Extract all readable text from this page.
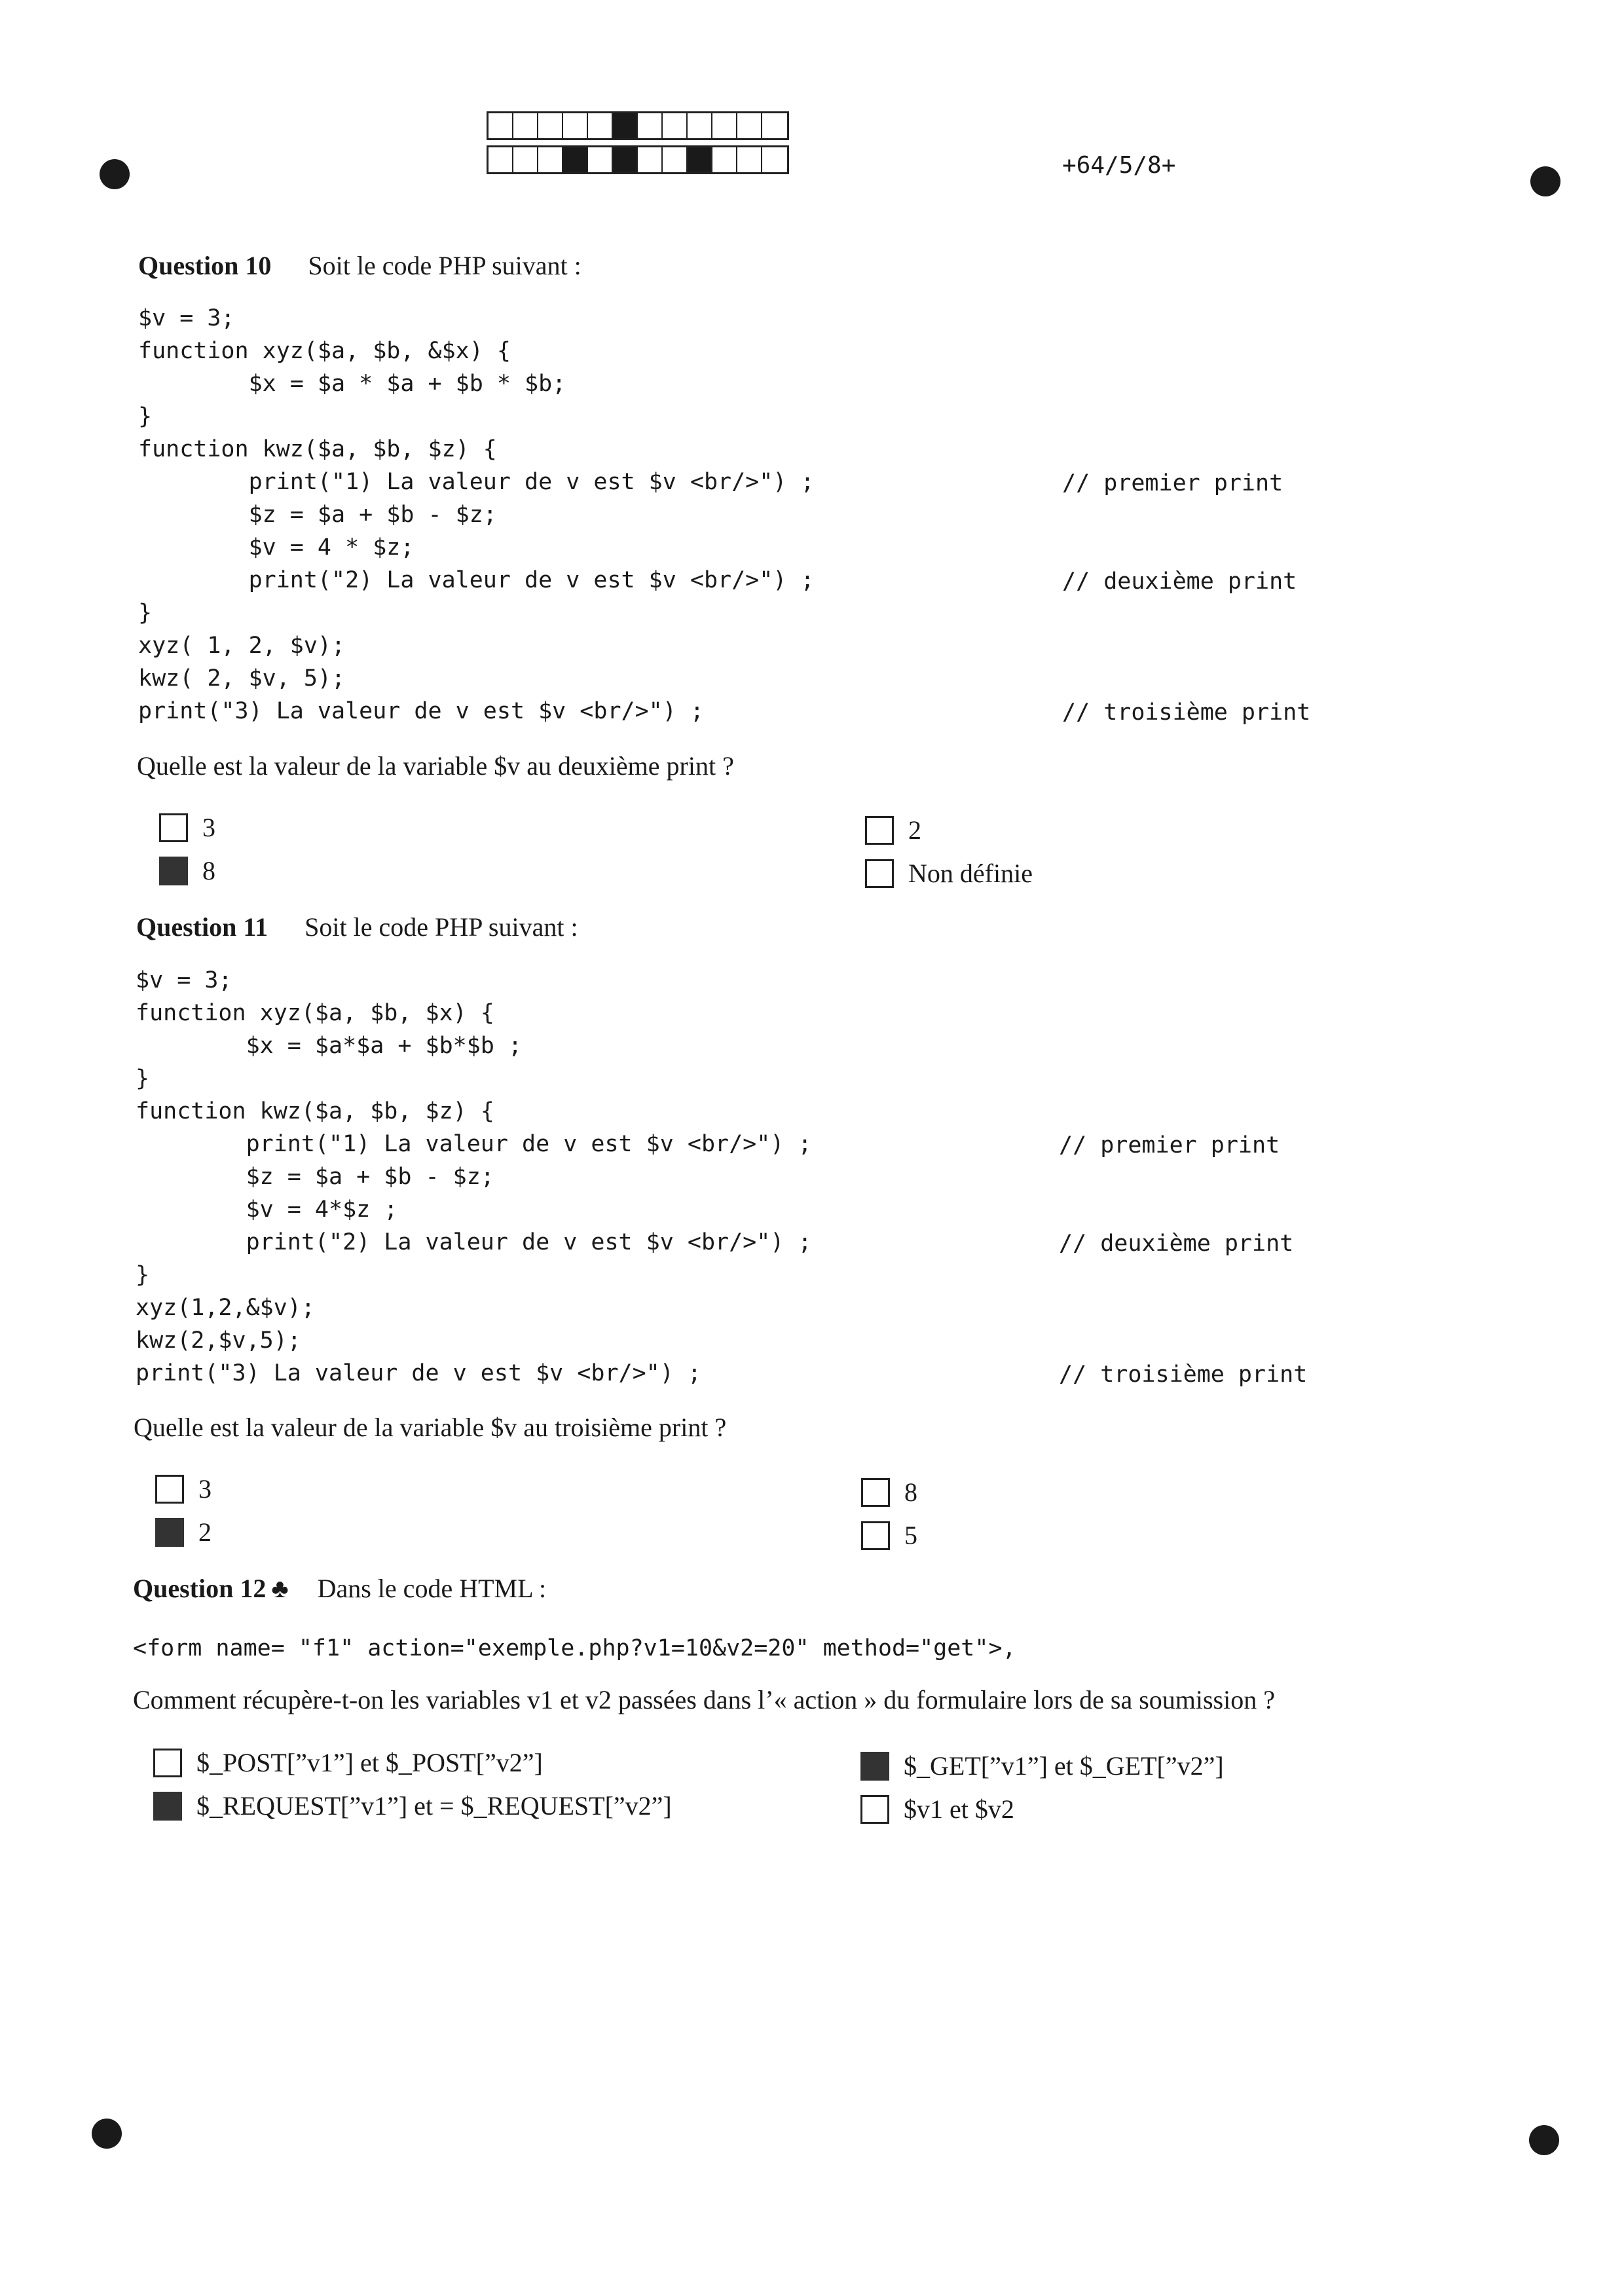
+64/5/8+
Question 10 Soit le code PHP suivant :
$v = 3;
function xyz($a, $b, &$x) {
$x = $a * $a + $b * $b;
}
function kwz($a, $b, $z) {
print("1) La valeur de v est $v <br/>") ;
$z = $a + $b - $z;
$v = 4 * $z;
print("2) La valeur de v est $v <br/>") ;
}
xyz( 1, 2, $v);
kwz( 2, $v, 5);
print("3) La valeur de v est $v <br/>") ;
// premier print
// deuxième print
// troisième print
Quelle est la valeur de la variable $v au deuxième print ?
3
8
2
Non définie
Question 11 Soit le code PHP suivant :
$v = 3;
function xyz($a, $b, $x) {
$x = $a*$a + $b*$b ;
}
function kwz($a, $b, $z) {
print("1) La valeur de v est $v <br/>") ;
$z = $a + $b - $z;
$v = 4*$z ;
print("2) La valeur de v est $v <br/>") ;
}
xyz(1,2,&$v);
kwz(2,$v,5);
print("3) La valeur de v est $v <br/>") ;
// premier print
// deuxième print
// troisième print
Quelle est la valeur de la variable $v au troisième print ?
3
2
8
5
Question 12 ♣ Dans le code HTML :
<form name= "f1" action="exemple.php?v1=10&v2=20" method="get">,
Comment récupère-t-on les variables v1 et v2 passées dans l’« action » du formulaire lors de sa soumission ?
$_POST[”v1”] et $_POST[”v2”]
$_REQUEST[”v1”] et = $_REQUEST[”v2”]
$_GET[”v1”] et $_GET[”v2”]
$v1 et $v2
